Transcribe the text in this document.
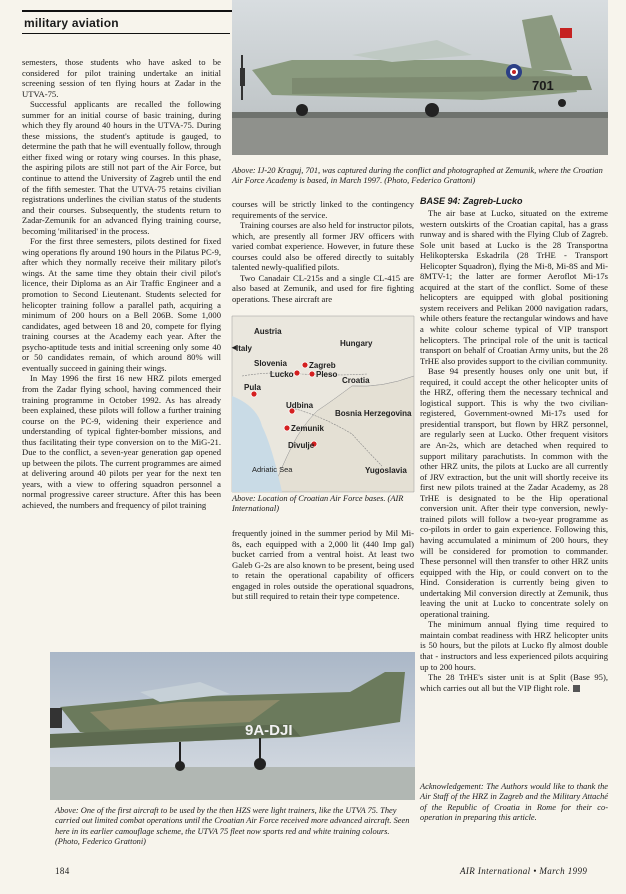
military aviation
701
Above: IJ-20 Kraguj, 701, was captured during the conflict and photographed at Zemunik, where the Croatian Air Force Academy is based, in March 1997. (Photo, Federico Grattoni)

semesters, those students who have asked to be considered for pilot training undertake an initial screening session of ten flying hours at Zadar in the UTVA-75.

Successful applicants are recalled the following summer for an initial course of basic training, during which they fly around 40 hours in the UTVA-75. During these missions, the student's aptitude is gauged, to determine the path that he will eventually follow, through either fixed wing or rotary wing courses. In this phase, the aspiring pilots are still not part of the Air Force, but continue to attend the University of Zagreb until the end of the fifth semester. That the UTVA-75 retains civilian registrations underlines the civilian status of the students and their courses. Subsequently, the students return to Zadar-Zemunik for an advanced flying training course, becoming 'militarised' in the process.

For the first three semesters, pilots destined for fixed wing operations fly around 190 hours in the Pilatus PC-9, after which they normally receive their military pilot's wings. At the same time they obtain their civil pilot's licence, their Diploma as an Air Traffic Engineer and a promotion to Second Lieutenant. Students selected for helicopter training follow a parallel path, acquiring a minimum of 200 hours on a Bell 206B. Some 1,000 candidates, aged between 18 and 20, compete for flying training courses at the Academy each year. After the psycho-aptitude tests and initial screening only some 40 or 50 candidates remain, of which around 80% will eventually succeed in gaining their wings.

In May 1996 the first 16 new HRZ pilots emerged from the Zadar flying school, having commenced their training programme in October 1992. As has already been explained, these pilots will follow a further training course on the PC-9, widening their experience and understanding of typical fighter-bomber missions, and thus facilitating their type conversion on to the MiG-21. Due to the conflict, a seven-year generation gap opened up between the pilots. The current programmes are aimed at delivering around 40 pilots per year for the next ten years, with a view to offering squadron personnel a normal progressive career structure. After this has been achieved, the numbers and frequency of pilot training

courses will be strictly linked to the contingency requirements of the service.

Training courses are also held for instructor pilots, which, are presently all former JRV officers with varied combat experience. However, in future these courses could also be offered directly to suitably talented newly-qualified pilots.

Two Canadair CL-215s and a single CL-415 are also based at Zemunik, and used for fire fighting operations. These aircraft are

Austria
Italy
◄
Slovenia
Hungary
Croatia
Bosnia Herzegovina
Yugoslavia
Adriatic Sea
Zagreb
Lucko	Pleso
Pula
Udbina
Zemunik
Divulje
Above: Location of Croatian Air Force bases. (AIR International)

frequently joined in the summer period by Mil Mi-8s, each equipped with a 2,000 lit (440 Imp gal) bucket carried from a ventral hoist. At least two Galeb G-2s are also known to be present, being used to retain the operational capability of officers engaged in roles outside the operational squadrons, but still required to retain their type competence.

BASE 94: Zagreb-Lucko

The air base at Lucko, situated on the extreme western outskirts of the Croatian capital, has a grass runway and is shared with the Flying Club of Zagreb. Sole unit based at Lucko is the 28 Transportna Helikopterska Eskadrila (28 TrHE - Transport Helicopter Squadron), flying the Mi-8, Mi-8S and Mi-8MTV-1; the latter are former Aeroflot Mi-17s acquired at the start of the conflict. Some of these helicopters are equipped with global positioning system receivers and Pelikan 2000 navigation radars, while others feature the rectangular windows and have a white colour scheme typical of VIP transport helicopters. The principal role of the unit is tactical transport on behalf of Croatian Army units, but the 28 TrHE also provides support to the civilian community.

Base 94 presently houses only one unit but, if required, it could accept the other helicopter units of the HRZ, offering them the necessary technical and logistical support. This is why the two civilian-registered, Government-owned Mi-17s used for presidential transport, but flown by HRZ personnel, are regularly seen at Lucko. Other frequent visitors are An-2s, which are detached when required to support military parachutists. In common with the other HRZ units, the pilots at Lucko are all currently of JRV extraction, but the unit will shortly receive its first new pilots trained at the Zadar Academy, as 28 TrHE is designated to be the Hip operational conversion unit. After their type conversion, newly-trained pilots will follow a two-year programme as co-pilots in order to gain experience. Following this, having accumulated a minimum of 200 hours, they will be considered for promotion to commander. These personnel will then transfer to other HRZ units equipped with the Hip, or could convert on to the Hind. Consideration is currently being given to undertaking Mil conversion directly at Zemunik, thus leaving the unit at Lucko to concentrate solely on operational training.

The minimum annual flying time required to maintain combat readiness with HRZ helicopter units is 50 hours, but the pilots at Lucko fly almost double that - instructors and less experienced pilots acquiring up to 200 hours.

The 28 TrHE's sister unit is at Split (Base 95), which carries out all but the VIP flight role.

Acknowledgement: The Authors would like to thank the Air Staff of the HRZ in Zagreb and the Military Attaché of the Republic of Croatia in Rome for their co-operation in preparing this article.
9A-DJI
Above: One of the first aircraft to be used by the then HZS were light trainers, like the UTVA 75. They carried out limited combat operations until the Croatian Air Force received more advanced aircraft. Seen here in its earlier camouflage scheme, the UTVA 75 fleet now sports red and white training colours. (Photo, Federico Grattoni)
184	AIR International • March 1999
